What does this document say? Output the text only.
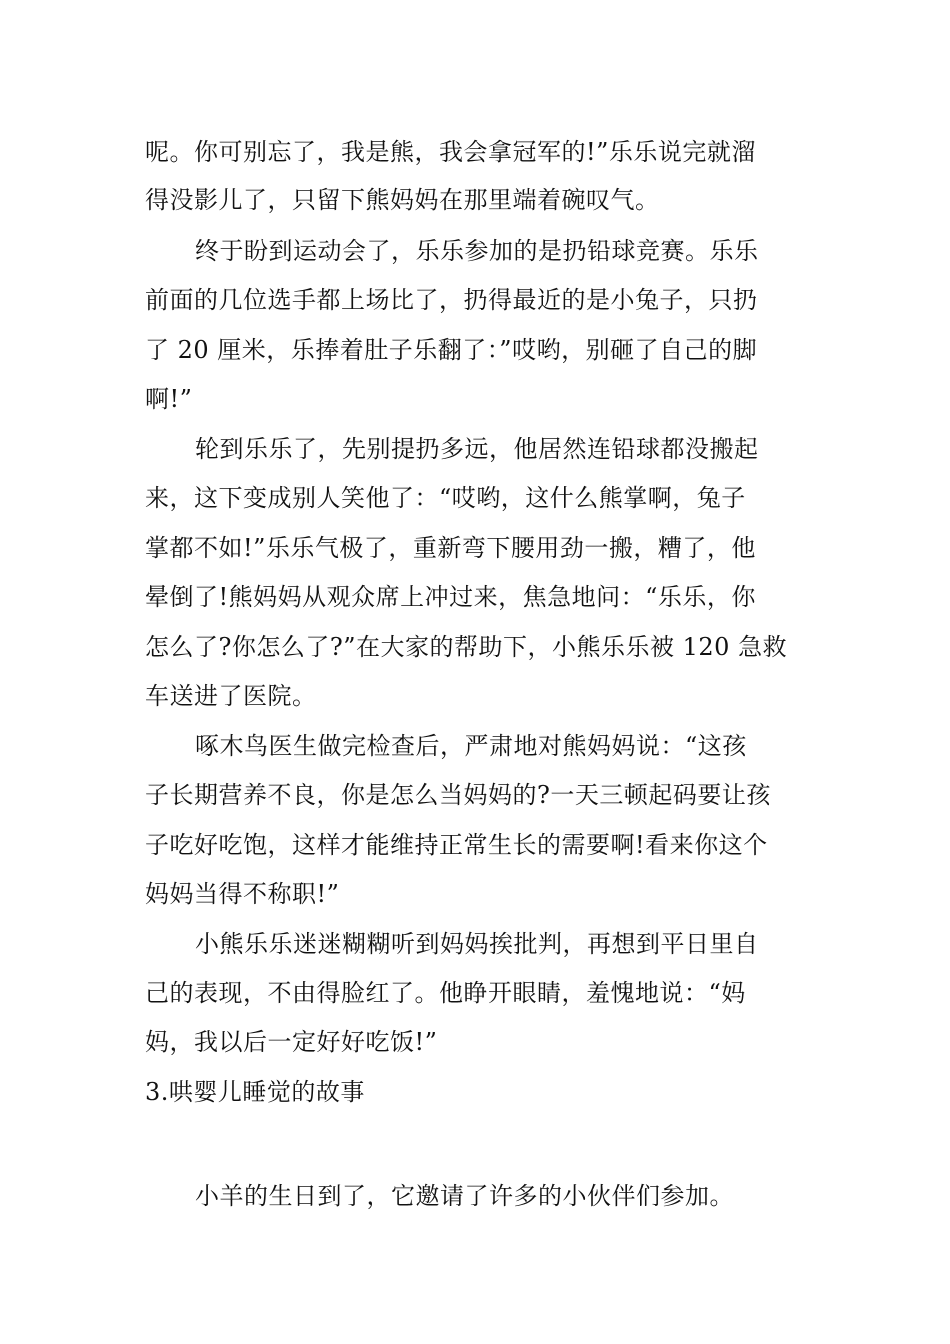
呢。你可别忘了，我是熊，我会拿冠军的!”乐乐说完就溜
得没影儿了，只留下熊妈妈在那里端着碗叹气。
终于盼到运动会了，乐乐参加的是扔铅球竞赛。乐乐
前面的几位选手都上场比了，扔得最近的是小兔子，只扔
了 20 厘米，乐捧着肚子乐翻了：”哎哟，别砸了自己的脚
啊!”
轮到乐乐了，先别提扔多远，他居然连铅球都没搬起
来，这下变成别人笑他了：“哎哟，这什么熊掌啊，兔子
掌都不如!”乐乐气极了，重新弯下腰用劲一搬，糟了，他
晕倒了!熊妈妈从观众席上冲过来，焦急地问：“乐乐，你
怎么了?你怎么了?”在大家的帮助下，小熊乐乐被 120 急救
车送进了医院。
啄木鸟医生做完检查后，严肃地对熊妈妈说：“这孩
子长期营养不良，你是怎么当妈妈的?一天三顿起码要让孩
子吃好吃饱，这样才能维持正常生长的需要啊!看来你这个
妈妈当得不称职!”
小熊乐乐迷迷糊糊听到妈妈挨批判，再想到平日里自
己的表现，不由得脸红了。他睁开眼睛，羞愧地说：“妈
妈，我以后一定好好吃饭!”
3.哄婴儿睡觉的故事
小羊的生日到了，它邀请了许多的小伙伴们参加。
